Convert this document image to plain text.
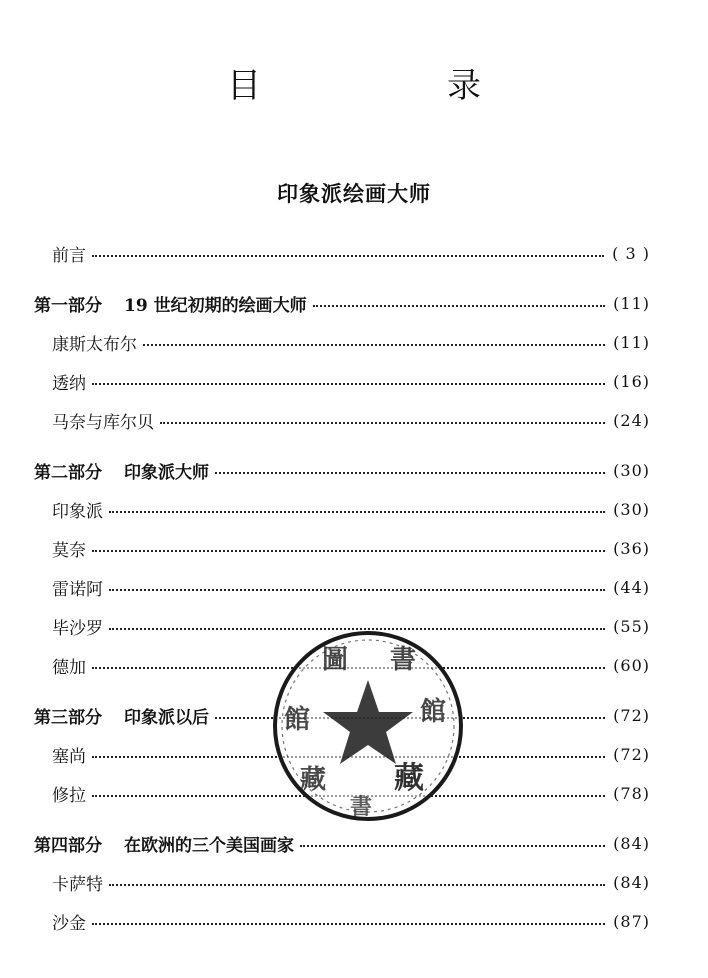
目　录
印象派绘画大师
前言	( 3 )
第一部分 19 世纪初期的绘画大师	(11)
康斯太布尔	(11)
透纳	(16)
马奈与库尔贝	(24)
第二部分 印象派大师	(30)
印象派	(30)
莫奈	(36)
雷诺阿	(44)
毕沙罗	(55)
德加	(60)
第三部分 印象派以后	(72)
塞尚	(72)
修拉	(78)
第四部分 在欧洲的三个美国画家	(84)
卡萨特	(84)
沙金	(87)
圖 書
館	館
藏 藏
書
